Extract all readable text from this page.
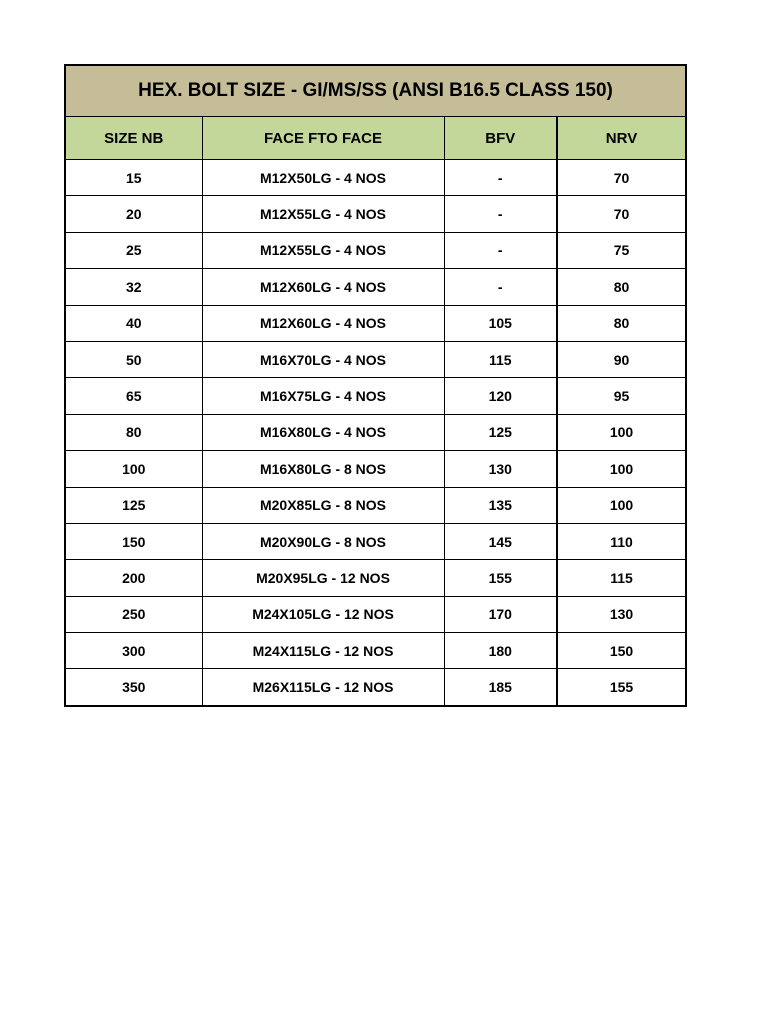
HEX. BOLT SIZE - GI/MS/SS (ANSI B16.5 CLASS 150)			
SIZE NB	FACE FTO FACE	BFV	NRV
15	M12X50LG - 4 NOS	-	70
20	M12X55LG - 4 NOS	-	70
25	M12X55LG - 4 NOS	-	75
32	M12X60LG - 4 NOS	-	80
40	M12X60LG - 4 NOS	105	80
50	M16X70LG - 4 NOS	115	90
65	M16X75LG - 4 NOS	120	95
80	M16X80LG - 4 NOS	125	100
100	M16X80LG - 8 NOS	130	100
125	M20X85LG - 8 NOS	135	100
150	M20X90LG - 8 NOS	145	110
200	M20X95LG - 12 NOS	155	115
250	M24X105LG - 12 NOS	170	130
300	M24X115LG - 12 NOS	180	150
350	M26X115LG - 12 NOS	185	155
